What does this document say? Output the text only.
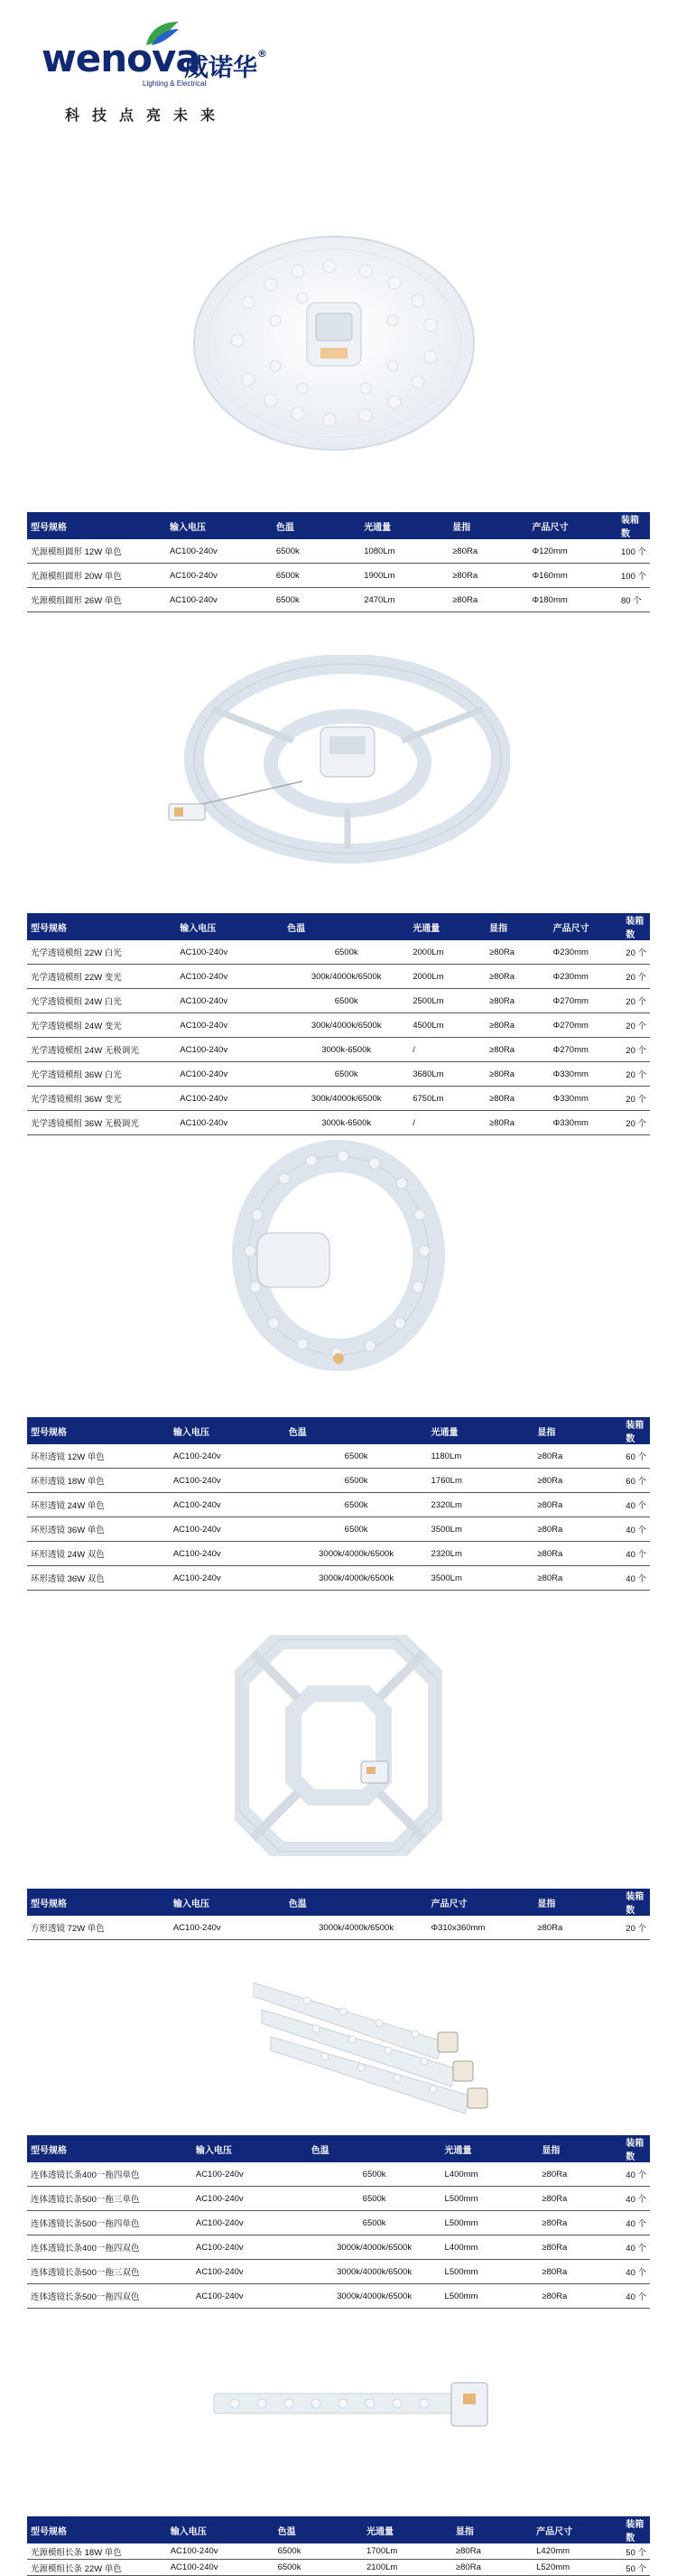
wenova
威诺华®
Lighting & Electrical
科技点亮未来
型号规格	输入电压	色温	光通量	显指	产品尺寸	装箱数
光源模组圆形 12W 单色	AC100-240v	6500k	1080Lm	≥80Ra	Φ120mm	100 个
光源模组圆形 20W 单色	AC100-240v	6500k	1900Lm	≥80Ra	Φ160mm	100 个
光源模组圆形 26W 单色	AC100-240v	6500k	2470Lm	≥80Ra	Φ180mm	80 个
型号规格	输入电压	色温	光通量	显指	产品尺寸	装箱数
光学透镜模组 22W 白光	AC100-240v	6500k	2000Lm	≥80Ra	Φ230mm	20 个
光学透镜模组 22W 变光	AC100-240v	300k/4000k/6500k	2000Lm	≥80Ra	Φ230mm	20 个
光学透镜模组 24W 白光	AC100-240v	6500k	2500Lm	≥80Ra	Φ270mm	20 个
光学透镜模组 24W 变光	AC100-240v	300k/4000k/6500k	4500Lm	≥80Ra	Φ270mm	20 个
光学透镜模组 24W 无极调光	AC100-240v	3000k-6500k	/	≥80Ra	Φ270mm	20 个
光学透镜模组 36W 白光	AC100-240v	6500k	3680Lm	≥80Ra	Φ330mm	20 个
光学透镜模组 36W 变光	AC100-240v	300k/4000k/6500k	6750Lm	≥80Ra	Φ330mm	20 个
光学透镜模组 36W 无极调光	AC100-240v	3000k-6500k	/	≥80Ra	Φ330mm	20 个
型号规格	输入电压	色温	光通量	显指	装箱数
环形透镜 12W 单色	AC100-240v	6500k	1180Lm	≥80Ra	60 个
环形透镜 18W 单色	AC100-240v	6500k	1760Lm	≥80Ra	60 个
环形透镜 24W 单色	AC100-240v	6500k	2320Lm	≥80Ra	40 个
环形透镜 36W 单色	AC100-240v	6500k	3500Lm	≥80Ra	40 个
环形透镜 24W 双色	AC100-240v	3000k/4000k/6500k	2320Lm	≥80Ra	40 个
环形透镜 36W 双色	AC100-240v	3000k/4000k/6500k	3500Lm	≥80Ra	40 个
型号规格	输入电压	色温	产品尺寸	显指	装箱数
方形透镜 72W 单色	AC100-240v	3000k/4000k/6500k	Φ310x360mm	≥80Ra	20 个
型号规格	输入电压	色温	光通量	显指	装箱数
连体透镜长条400一拖四单色	AC100-240v	6500k	L400mm	≥80Ra	40 个
连体透镜长条500一拖三单色	AC100-240v	6500k	L500mm	≥80Ra	40 个
连体透镜长条500一拖四单色	AC100-240v	6500k	L500mm	≥80Ra	40 个
连体透镜长条400一拖四双色	AC100-240v	3000k/4000k/6500k	L400mm	≥80Ra	40 个
连体透镜长条500一拖三双色	AC100-240v	3000k/4000k/6500k	L500mm	≥80Ra	40 个
连体透镜长条500一拖四双色	AC100-240v	3000k/4000k/6500k	L500mm	≥80Ra	40 个
型号规格	输入电压	色温	光通量	显指	产品尺寸	装箱数
光源模组长条 18W 单色	AC100-240v	6500k	1700Lm	≥80Ra	L420mm	50 个
光源模组长条 22W 单色	AC100-240v	6500k	2100Lm	≥80Ra	L520mm	50 个
